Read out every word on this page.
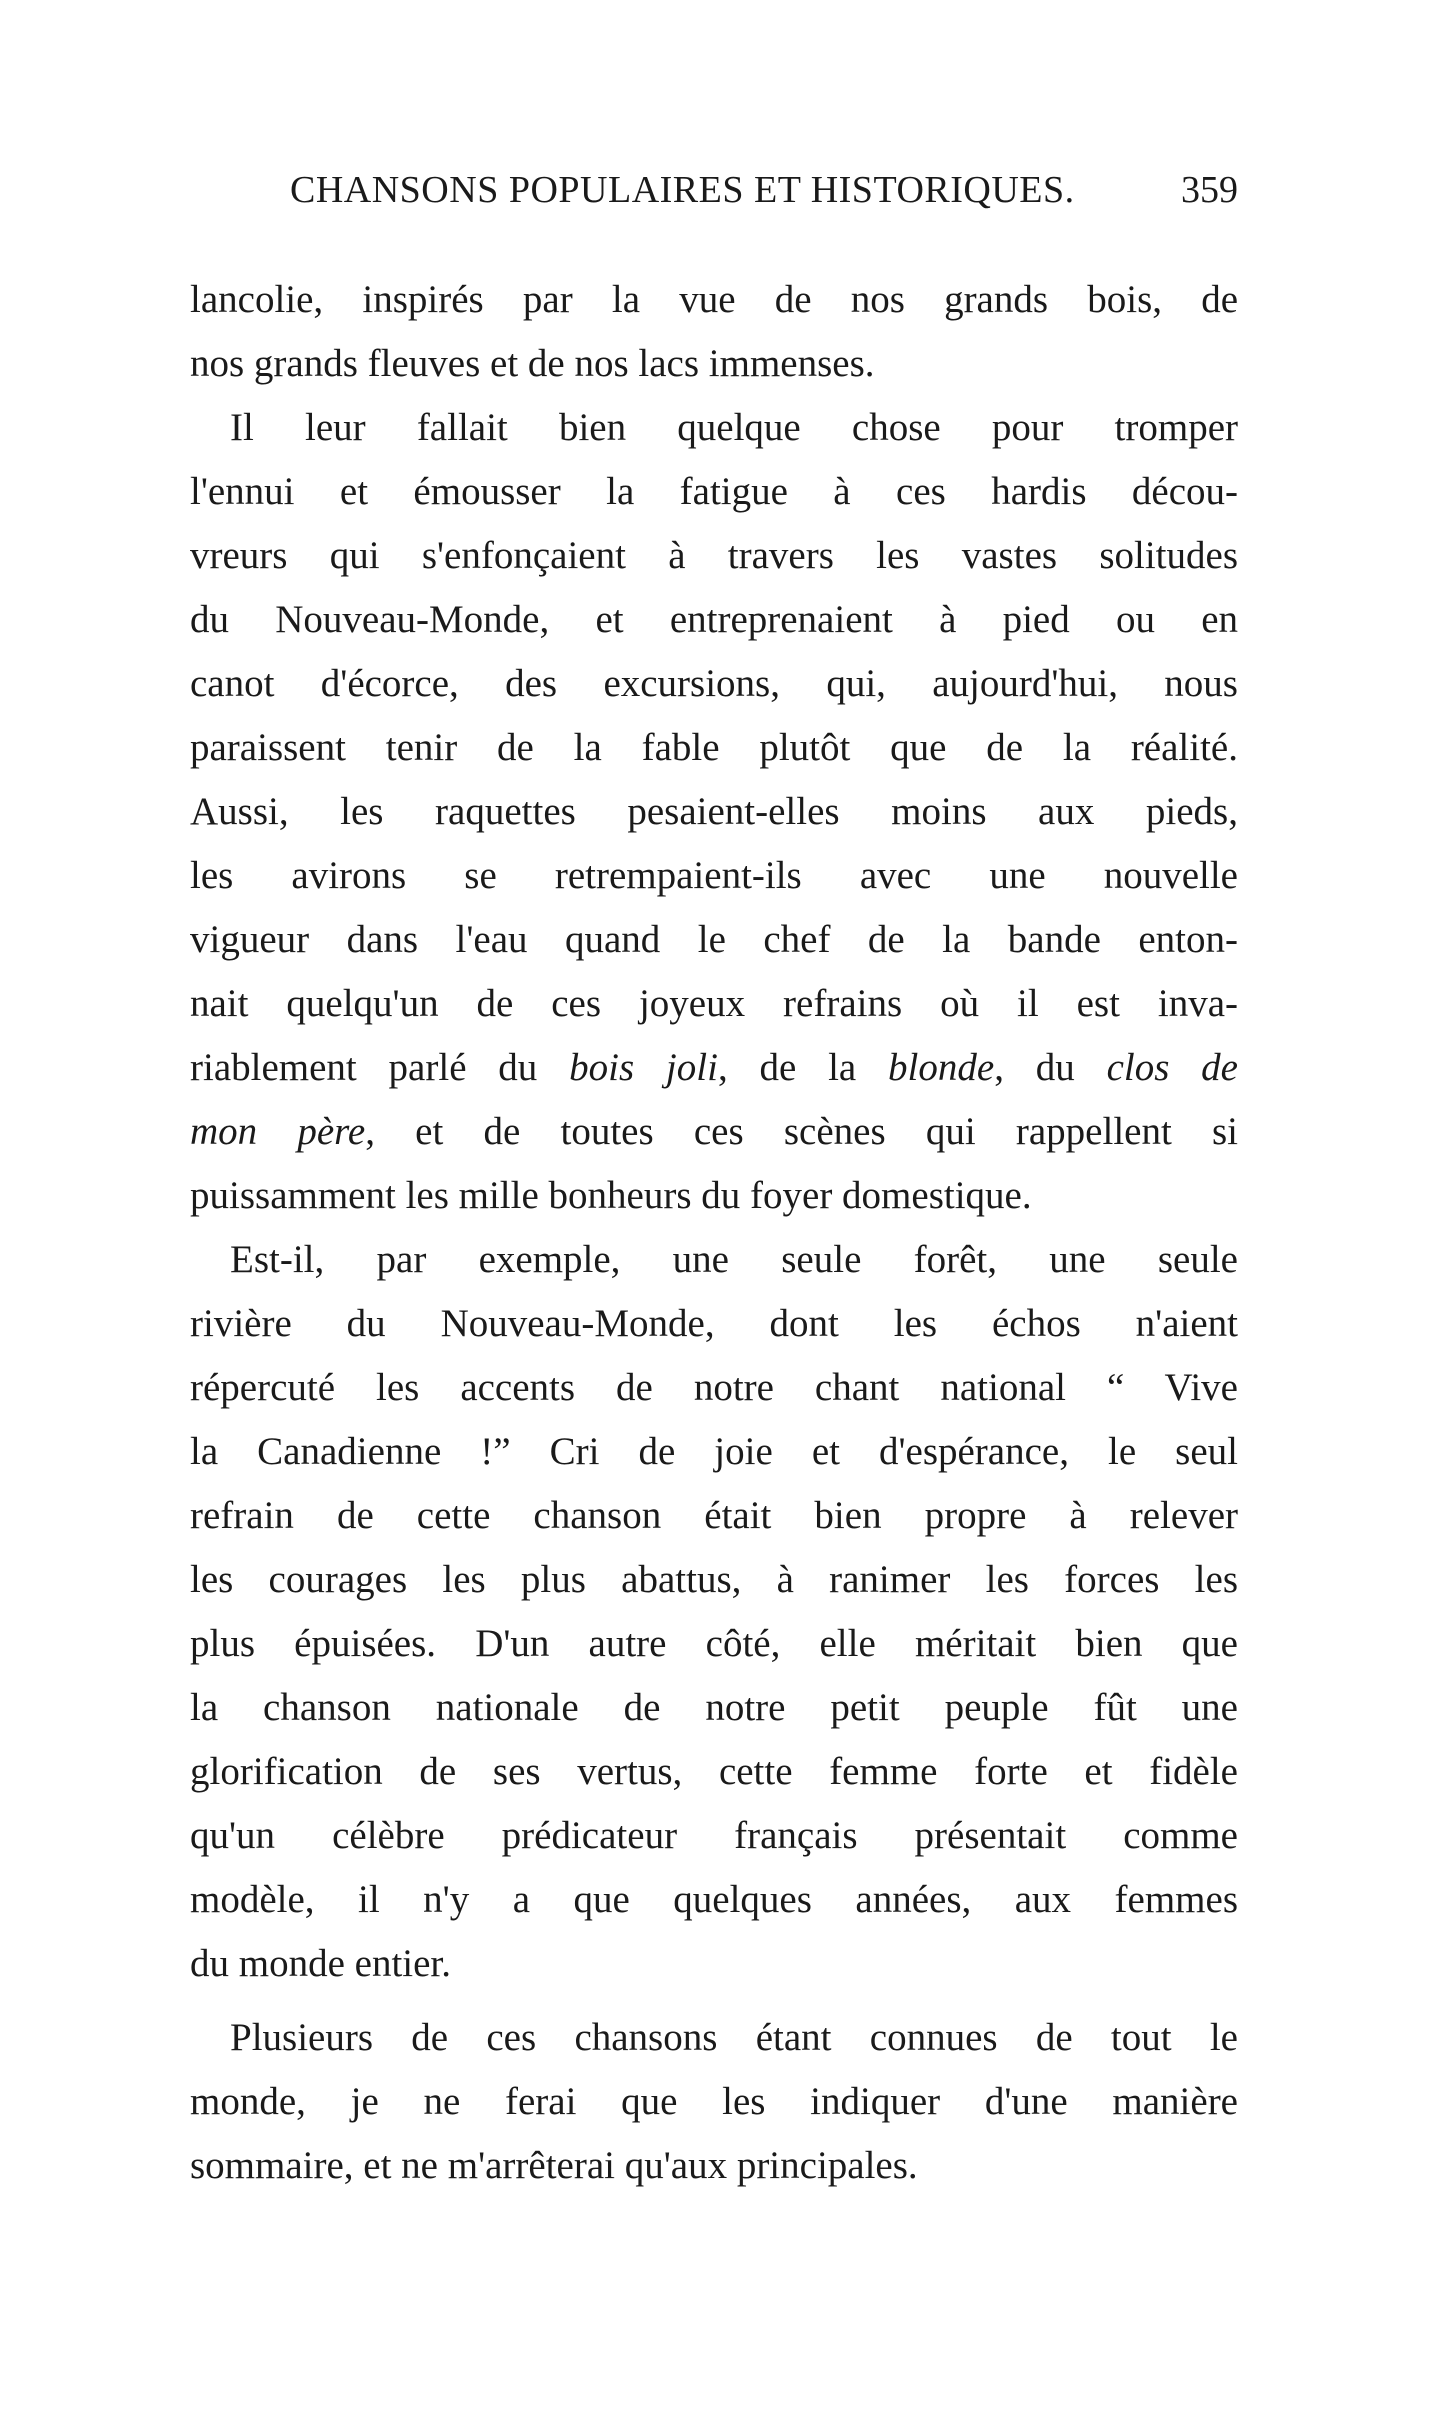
CHANSONS POPULAIRES ET HISTORIQUES.	359
lancolie, inspirés par la vue de nos grands bois, de
nos grands fleuves et de nos lacs immenses.
Il leur fallait bien quelque chose pour tromper
l'ennui et émousser la fatigue à ces hardis décou-
vreurs qui s'enfonçaient à travers les vastes solitudes
du Nouveau-Monde, et entreprenaient à pied ou en
canot d'écorce, des excursions, qui, aujourd'hui, nous
paraissent tenir de la fable plutôt que de la réalité.
Aussi, les raquettes pesaient-elles moins aux pieds,
les avirons se retrempaient-ils avec une nouvelle
vigueur dans l'eau quand le chef de la bande enton-
nait quelqu'un de ces joyeux refrains où il est inva-
riablement parlé du bois joli, de la blonde, du clos de
mon père, et de toutes ces scènes qui rappellent si
puissamment les mille bonheurs du foyer domestique.
Est-il, par exemple, une seule forêt, une seule
rivière du Nouveau-Monde, dont les échos n'aient
répercuté les accents de notre chant national “ Vive
la Canadienne !” Cri de joie et d'espérance, le seul
refrain de cette chanson était bien propre à relever
les courages les plus abattus, à ranimer les forces les
plus épuisées. D'un autre côté, elle méritait bien que
la chanson nationale de notre petit peuple fût une
glorification de ses vertus, cette femme forte et fidèle
qu'un célèbre prédicateur français présentait comme
modèle, il n'y a que quelques années, aux femmes
du monde entier.
Plusieurs de ces chansons étant connues de tout le
monde, je ne ferai que les indiquer d'une manière
sommaire, et ne m'arrêterai qu'aux principales.
